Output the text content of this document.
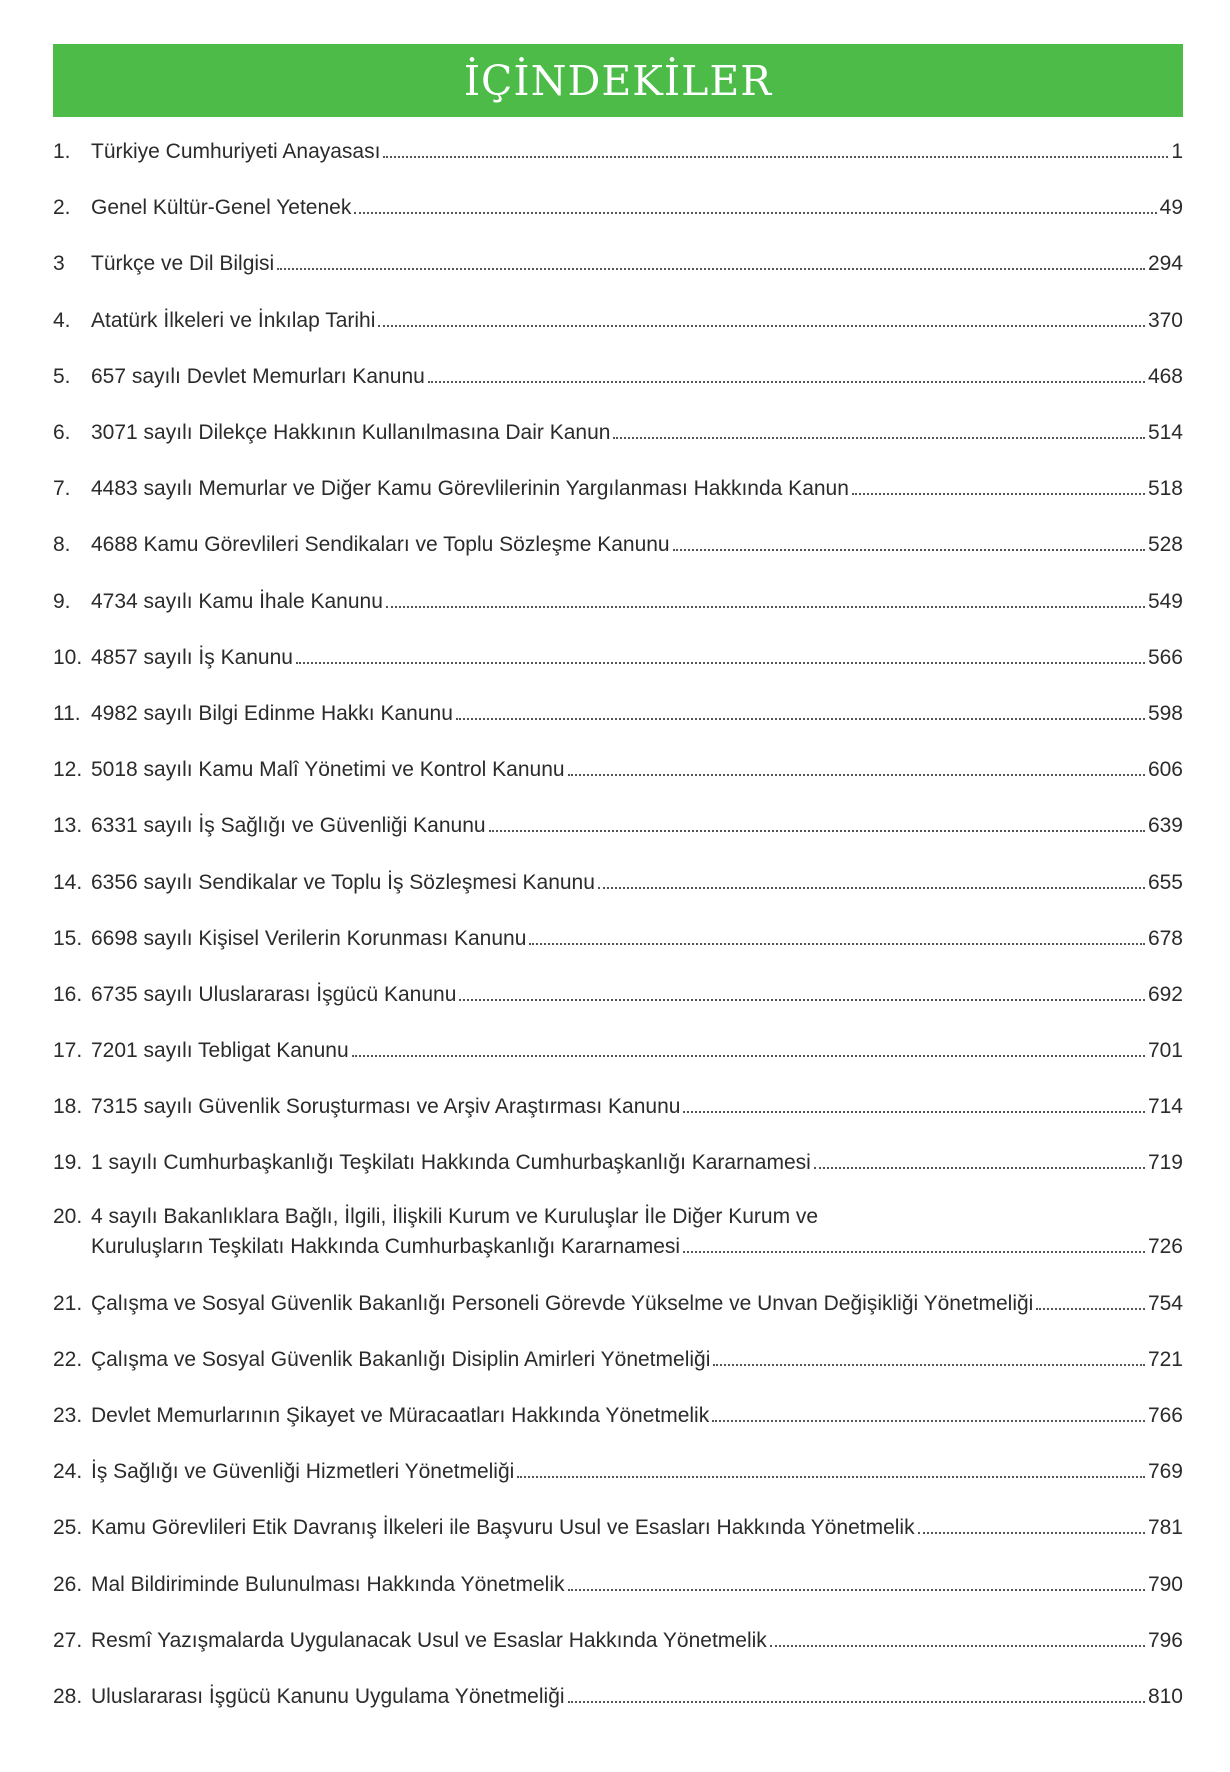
İÇİNDEKİLER
1. Türkiye Cumhuriyeti Anayasası	1
2. Genel Kültür-Genel Yetenek	49
3	Türkçe ve Dil Bilgisi	294
4. Atatürk İlkeleri ve İnkılap Tarihi	370
5. 657 sayılı Devlet Memurları Kanunu	468
6. 3071 sayılı Dilekçe Hakkının Kullanılmasına Dair Kanun	514
7. 4483 sayılı Memurlar ve Diğer Kamu Görevlilerinin Yargılanması Hakkında Kanun	518
8. 4688 Kamu Görevlileri Sendikaları ve Toplu Sözleşme Kanunu	528
9. 4734 sayılı Kamu İhale Kanunu	549
10. 4857 sayılı İş Kanunu	566
11. 4982 sayılı Bilgi Edinme Hakkı Kanunu	598
12. 5018 sayılı Kamu Malî Yönetimi ve Kontrol Kanunu	606
13. 6331 sayılı İş Sağlığı ve Güvenliği Kanunu	639
14. 6356 sayılı Sendikalar ve Toplu İş Sözleşmesi Kanunu	655
15. 6698 sayılı Kişisel Verilerin Korunması Kanunu	678
16. 6735 sayılı Uluslararası İşgücü Kanunu	692
17. 7201 sayılı Tebligat Kanunu	701
18. 7315 sayılı Güvenlik Soruşturması ve Arşiv Araştırması Kanunu	714
19. 1 sayılı Cumhurbaşkanlığı Teşkilatı Hakkında Cumhurbaşkanlığı Kararnamesi	719
20. 4 sayılı Bakanlıklara Bağlı, İlgili, İlişkili Kurum ve Kuruluşlar İle Diğer Kurum ve
Kuruluşların Teşkilatı Hakkında Cumhurbaşkanlığı Kararnamesi	726
21. Çalışma ve Sosyal Güvenlik Bakanlığı Personeli Görevde Yükselme ve Unvan Değişikliği Yönetmeliği	754
22. Çalışma ve Sosyal Güvenlik Bakanlığı Disiplin Amirleri Yönetmeliği	721
23. Devlet Memurlarının Şikayet ve Müracaatları Hakkında Yönetmelik	766
24. İş Sağlığı ve Güvenliği Hizmetleri Yönetmeliği	769
25. Kamu Görevlileri Etik Davranış İlkeleri ile Başvuru Usul ve Esasları Hakkında Yönetmelik	781
26. Mal Bildiriminde Bulunulması Hakkında Yönetmelik	790
27. Resmî Yazışmalarda Uygulanacak Usul ve Esaslar Hakkında Yönetmelik	796
28. Uluslararası İşgücü Kanunu Uygulama Yönetmeliği	810
